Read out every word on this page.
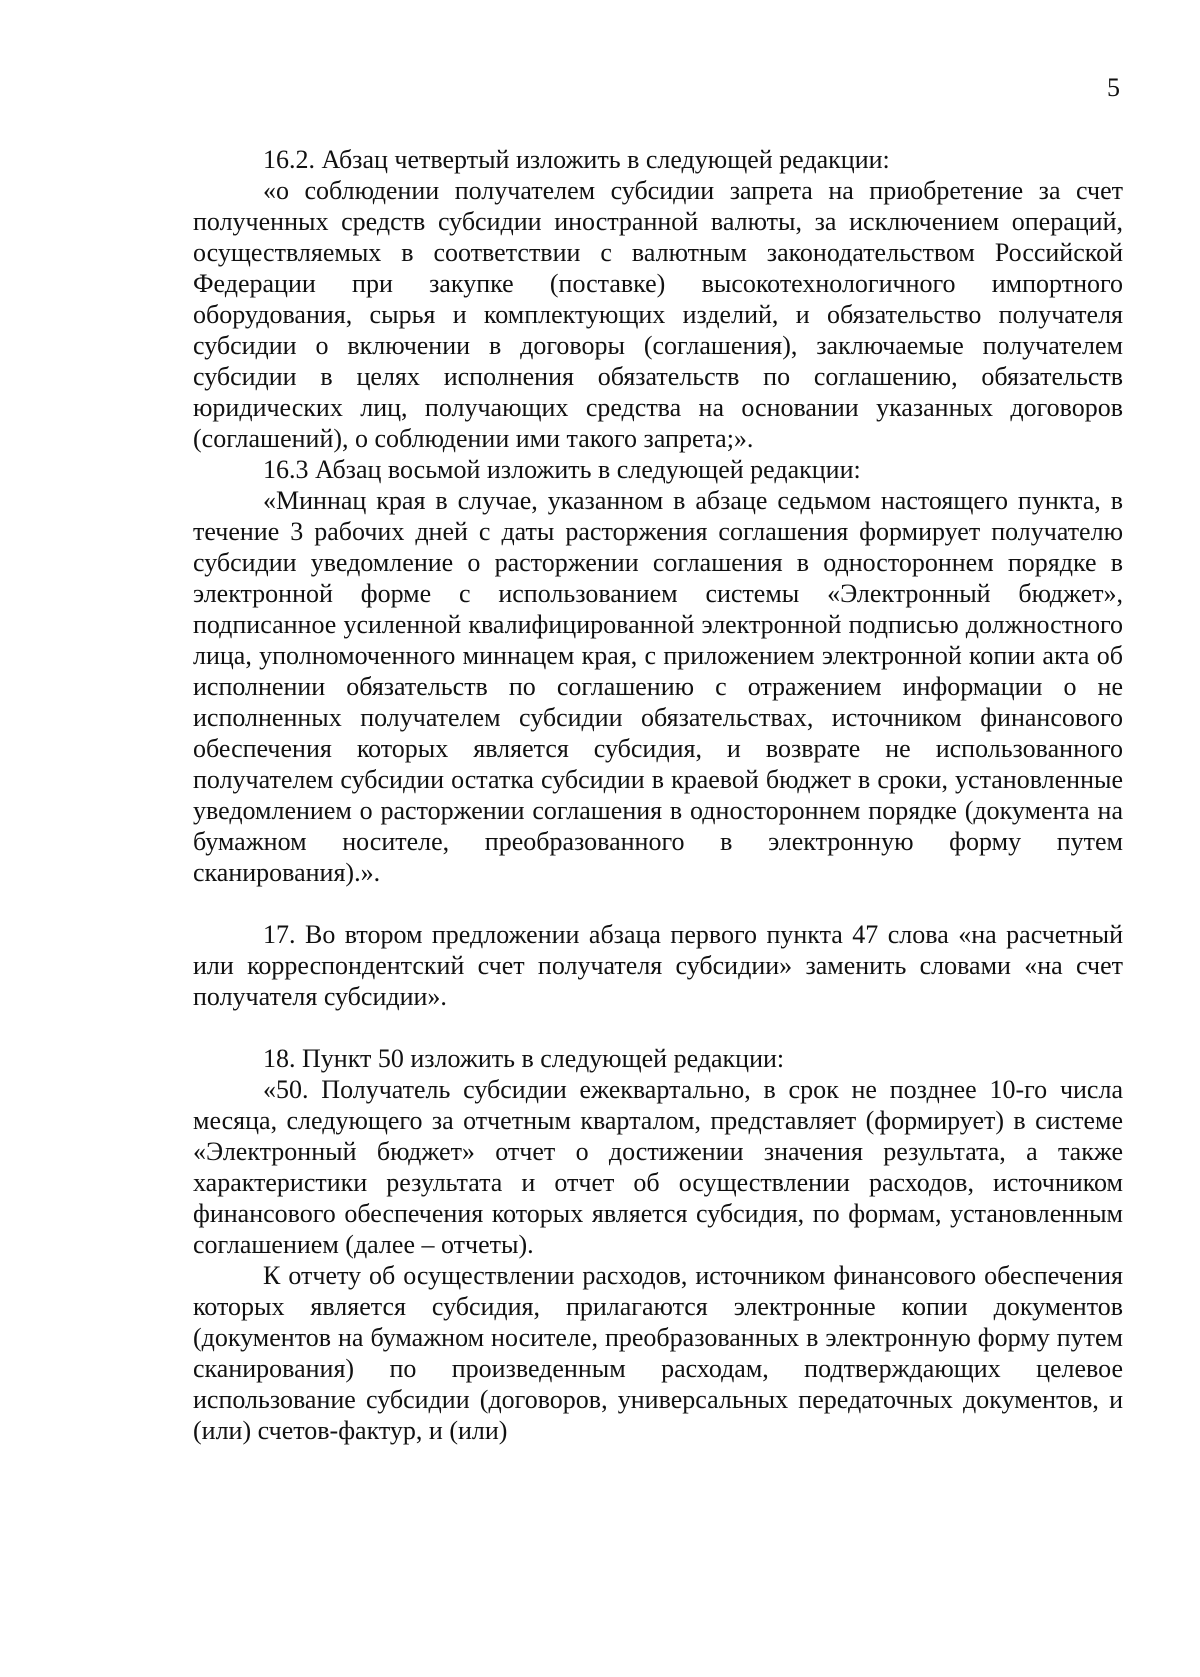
5

16.2. Абзац четвертый изложить в следующей редакции:

«о соблюдении получателем субсидии запрета на приобретение за счет полученных средств субсидии иностранной валюты, за исключением операций, осуществляемых в соответствии с валютным законодательством Российской Федерации при закупке (поставке) высокотехнологичного импортного оборудования, сырья и комплектующих изделий, и обязательство получателя субсидии о включении в договоры (соглашения), заключаемые получателем субсидии в целях исполнения обязательств по соглашению, обязательств юридических лиц, получающих средства на основании указанных договоров (соглашений), о соблюдении ими такого запрета;».

16.3 Абзац восьмой изложить в следующей редакции:

«Миннац края в случае, указанном в абзаце седьмом настоящего пункта, в течение 3 рабочих дней с даты расторжения соглашения формирует получателю субсидии уведомление о расторжении соглашения в одностороннем порядке в электронной форме с использованием системы «Электронный бюджет», подписанное усиленной квалифицированной электронной подписью должностного лица, уполномоченного миннацем края, с приложением электронной копии акта об исполнении обязательств по соглашению с отражением информации о не исполненных получателем субсидии обязательствах, источником финансового обеспечения которых является субсидия, и возврате не использованного получателем субсидии остатка субсидии в краевой бюджет в сроки, установленные уведомлением о расторжении соглашения в одностороннем порядке (документа на бумажном носителе, преобразованного в электронную форму путем сканирования).».

17. Во втором предложении абзаца первого пункта 47 слова «на расчетный или корреспондентский счет получателя субсидии» заменить словами «на счет получателя субсидии».

18. Пункт 50 изложить в следующей редакции:

«50. Получатель субсидии ежеквартально, в срок не позднее 10-го числа месяца, следующего за отчетным кварталом, представляет (формирует) в системе «Электронный бюджет» отчет о достижении значения результата, а также характеристики результата и отчет об осуществлении расходов, источником финансового обеспечения которых является субсидия, по формам, установленным соглашением (далее – отчеты).

К отчету об осуществлении расходов, источником финансового обеспечения которых является субсидия, прилагаются электронные копии документов (документов на бумажном носителе, преобразованных в электронную форму путем сканирования) по произведенным расходам, подтверждающих целевое использование субсидии (договоров, универсальных передаточных документов, и (или) счетов-фактур, и (или)
